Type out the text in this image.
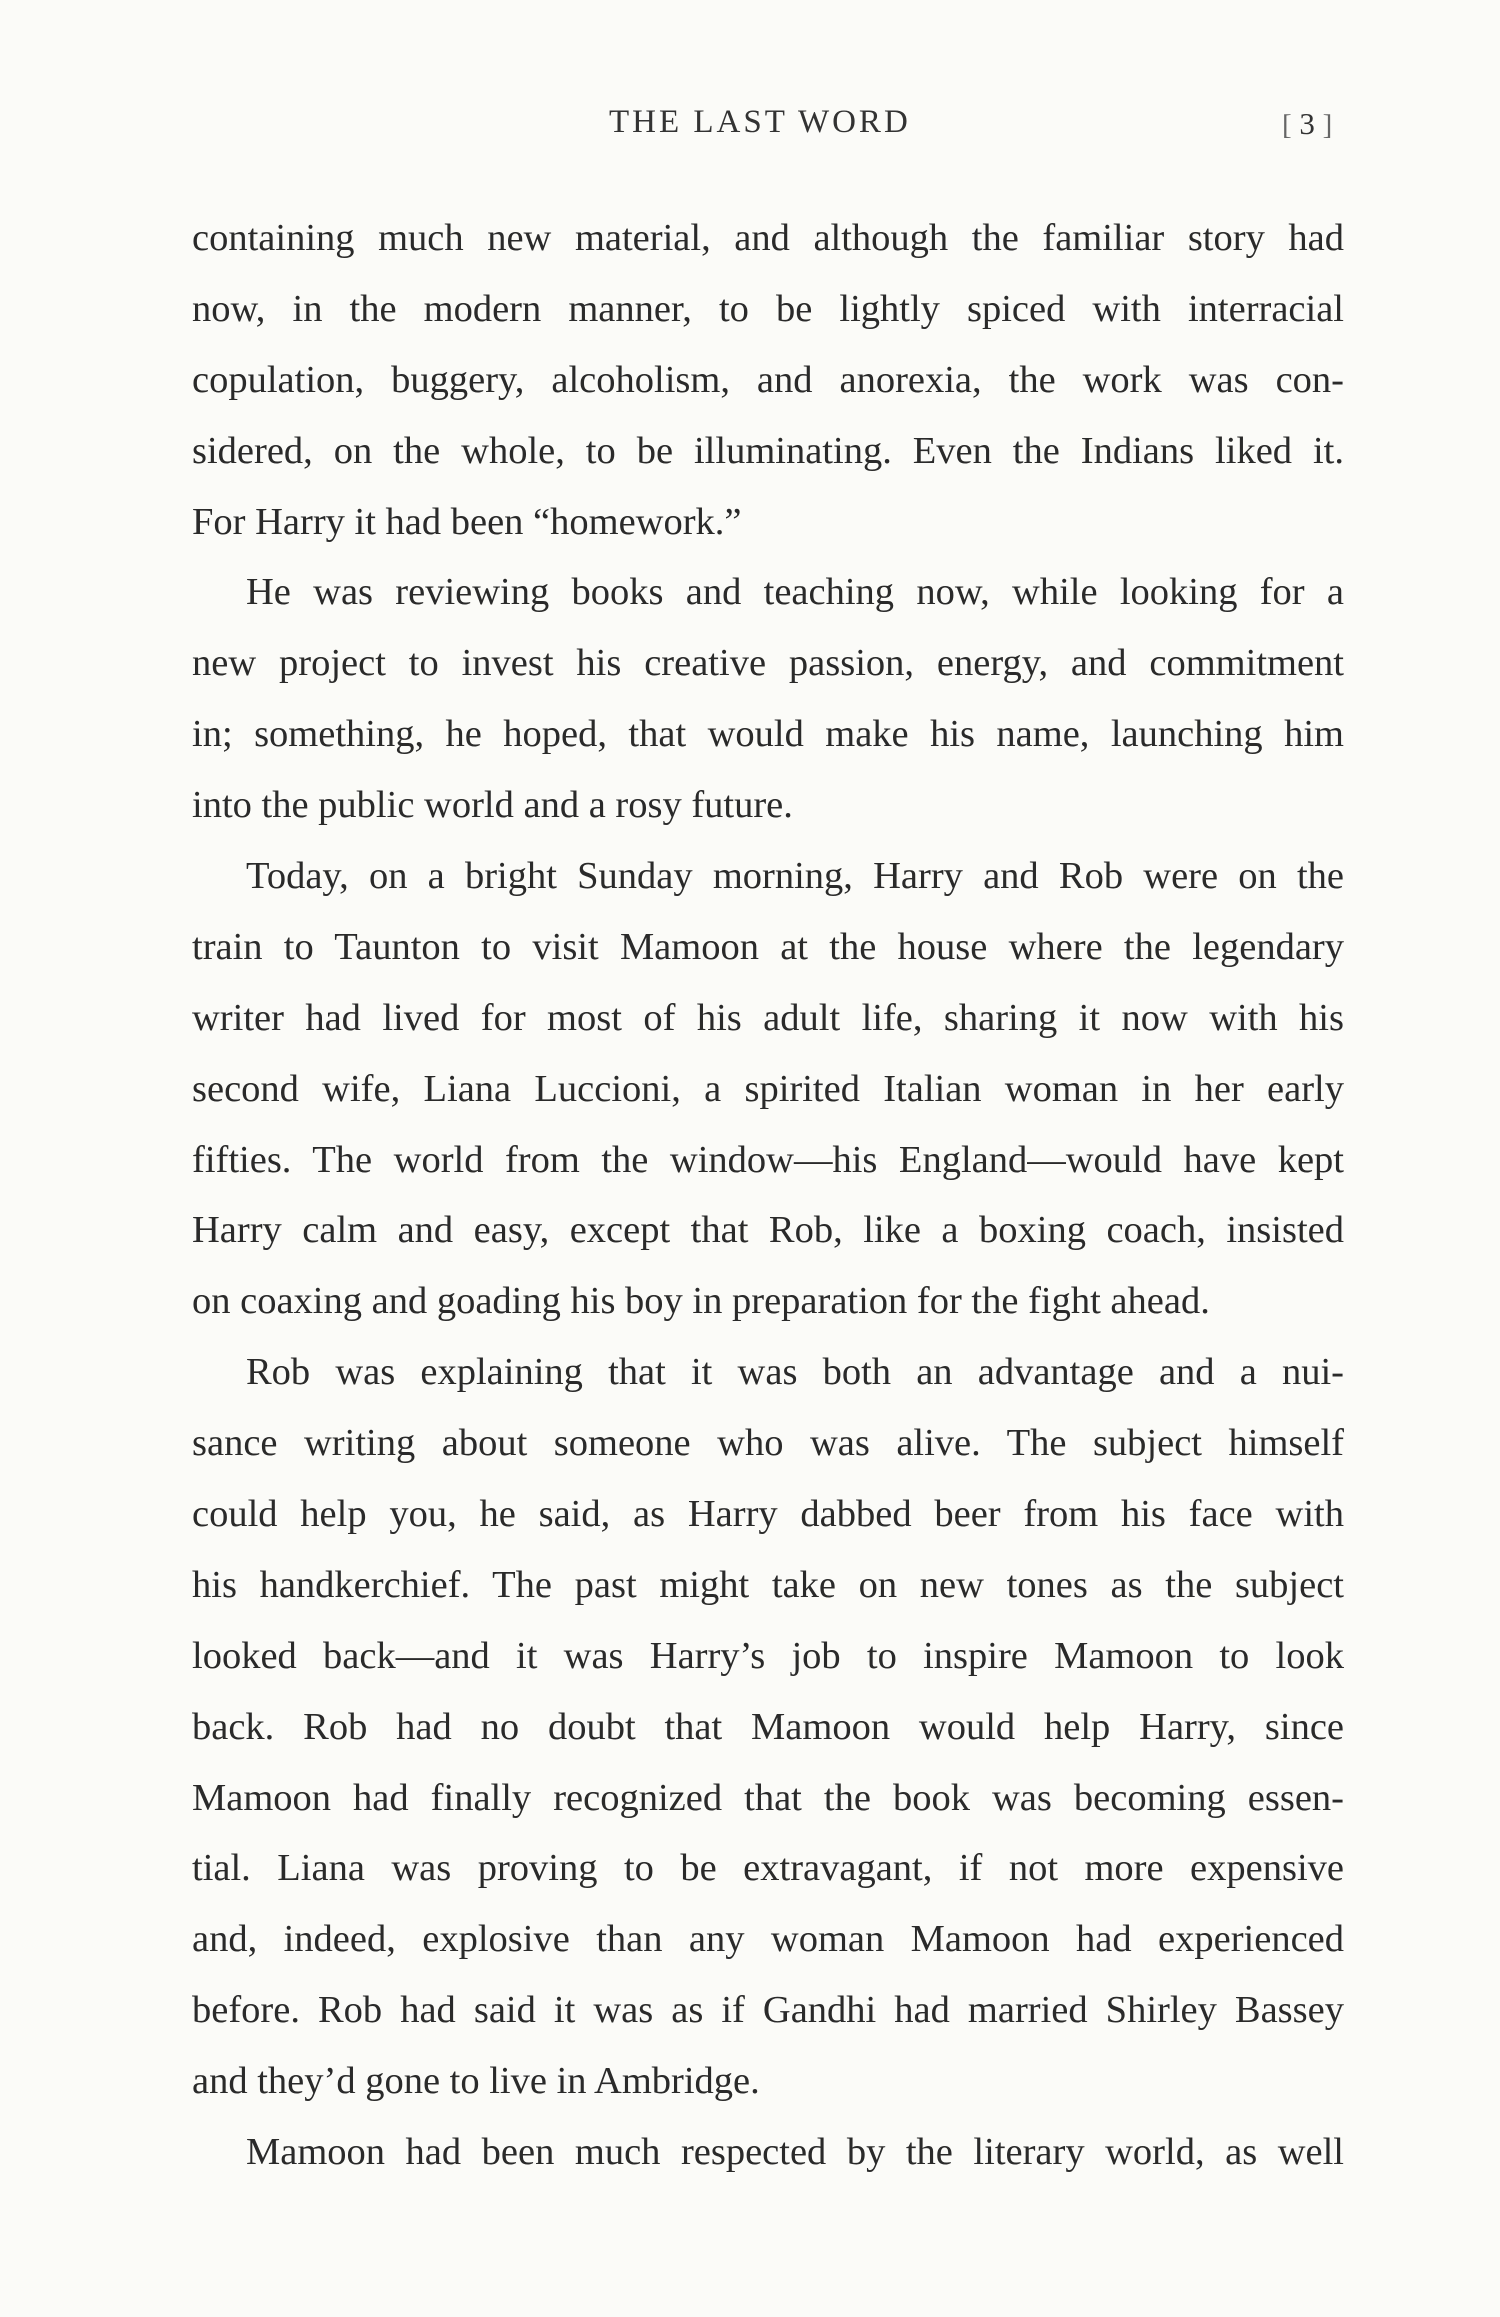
THE LAST WORD	[ 3 ]
containing much new material, and although the familiar story had
now, in the modern manner, to be lightly spiced with interracial
copulation, buggery, alcoholism, and anorexia, the work was con-
sidered, on the whole, to be illuminating. Even the Indians liked it.
For Harry it had been “homework.”
He was reviewing books and teaching now, while looking for a
new project to invest his creative passion, energy, and commitment
in; something, he hoped, that would make his name, launching him
into the public world and a rosy future.
Today, on a bright Sunday morning, Harry and Rob were on the
train to Taunton to visit Mamoon at the house where the legendary
writer had lived for most of his adult life, sharing it now with his
second wife, Liana Luccioni, a spirited Italian woman in her early
fifties. The world from the window—his England—would have kept
Harry calm and easy, except that Rob, like a boxing coach, insisted
on coaxing and goading his boy in preparation for the fight ahead.
Rob was explaining that it was both an advantage and a nui-
sance writing about someone who was alive. The subject himself
could help you, he said, as Harry dabbed beer from his face with
his handkerchief. The past might take on new tones as the subject
looked back—and it was Harry’s job to inspire Mamoon to look
back. Rob had no doubt that Mamoon would help Harry, since
Mamoon had finally recognized that the book was becoming essen-
tial. Liana was proving to be extravagant, if not more expensive
and, indeed, explosive than any woman Mamoon had experienced
before. Rob had said it was as if Gandhi had married Shirley Bassey
and they’d gone to live in Ambridge.
Mamoon had been much respected by the literary world, as well
